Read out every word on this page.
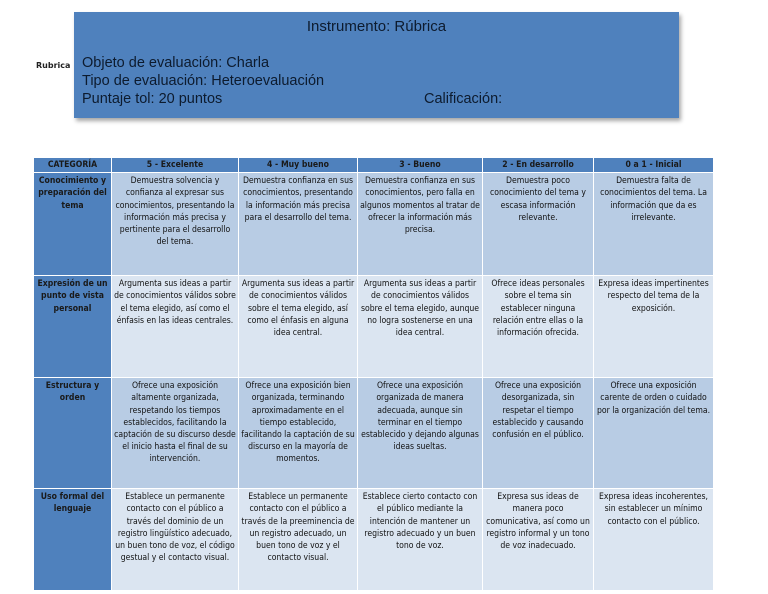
Rubrica
Instrumento: Rúbrica
Objeto de evaluación: Charla
Tipo de evaluación: Heteroevaluación
Puntaje tol: 20 puntos	Calificación:
CATEGORÍA	5 - Excelente	4 - Muy bueno	3 - Bueno	2 - En desarrollo	0 a 1 - Inicial
Conocimiento y preparación del tema	Demuestra solvencia y confianza al expresar sus conocimientos, presentando la información más precisa y pertinente para el desarrollo del tema.	Demuestra confianza en sus conocimientos, presentando la información más precisa para el desarrollo del tema.	Demuestra confianza en sus conocimientos, pero falla en algunos momentos al tratar de ofrecer la información más precisa.	Demuestra poco conocimiento del tema y escasa información relevante.	Demuestra falta de conocimientos del tema. La información que da es irrelevante.
Expresión de un punto de vista personal	Argumenta sus ideas a partir de conocimientos válidos sobre el tema elegido, así como el énfasis en las ideas centrales.	Argumenta sus ideas a partir de conocimientos válidos sobre el tema elegido, así como el énfasis en alguna idea central.	Argumenta sus ideas a partir de conocimientos válidos sobre el tema elegido, aunque no logra sostenerse en una idea central.	Ofrece ideas personales sobre el tema sin establecer ninguna relación entre ellas o la información ofrecida.	Expresa ideas impertinentes respecto del tema de la exposición.
Estructura y orden	Ofrece una exposición altamente organizada, respetando los tiempos establecidos, facilitando la captación de su discurso desde el inicio hasta el final de su intervención.	Ofrece una exposición bien organizada, terminando aproximadamente en el tiempo establecido, facilitando la captación de su discurso en la mayoría de momentos.	Ofrece una exposición organizada de manera adecuada, aunque sin terminar en el tiempo establecido y dejando algunas ideas sueltas.	Ofrece una exposición desorganizada, sin respetar el tiempo establecido y causando confusión en el público.	Ofrece una exposición carente de orden o cuidado por la organización del tema.
Uso formal del lenguaje	Establece un permanente contacto con el público a través del dominio de un registro lingüístico adecuado, un buen tono de voz, el código gestual y el contacto visual.	Establece un permanente contacto con el público a través de la preeminencia de un registro adecuado, un buen tono de voz y el contacto visual.	Establece cierto contacto con el público mediante la intención de mantener un registro adecuado y un buen tono de voz.	Expresa sus ideas de manera poco comunicativa, así como un registro informal y un tono de voz inadecuado.	Expresa ideas incoherentes, sin establecer un mínimo contacto con el público.
